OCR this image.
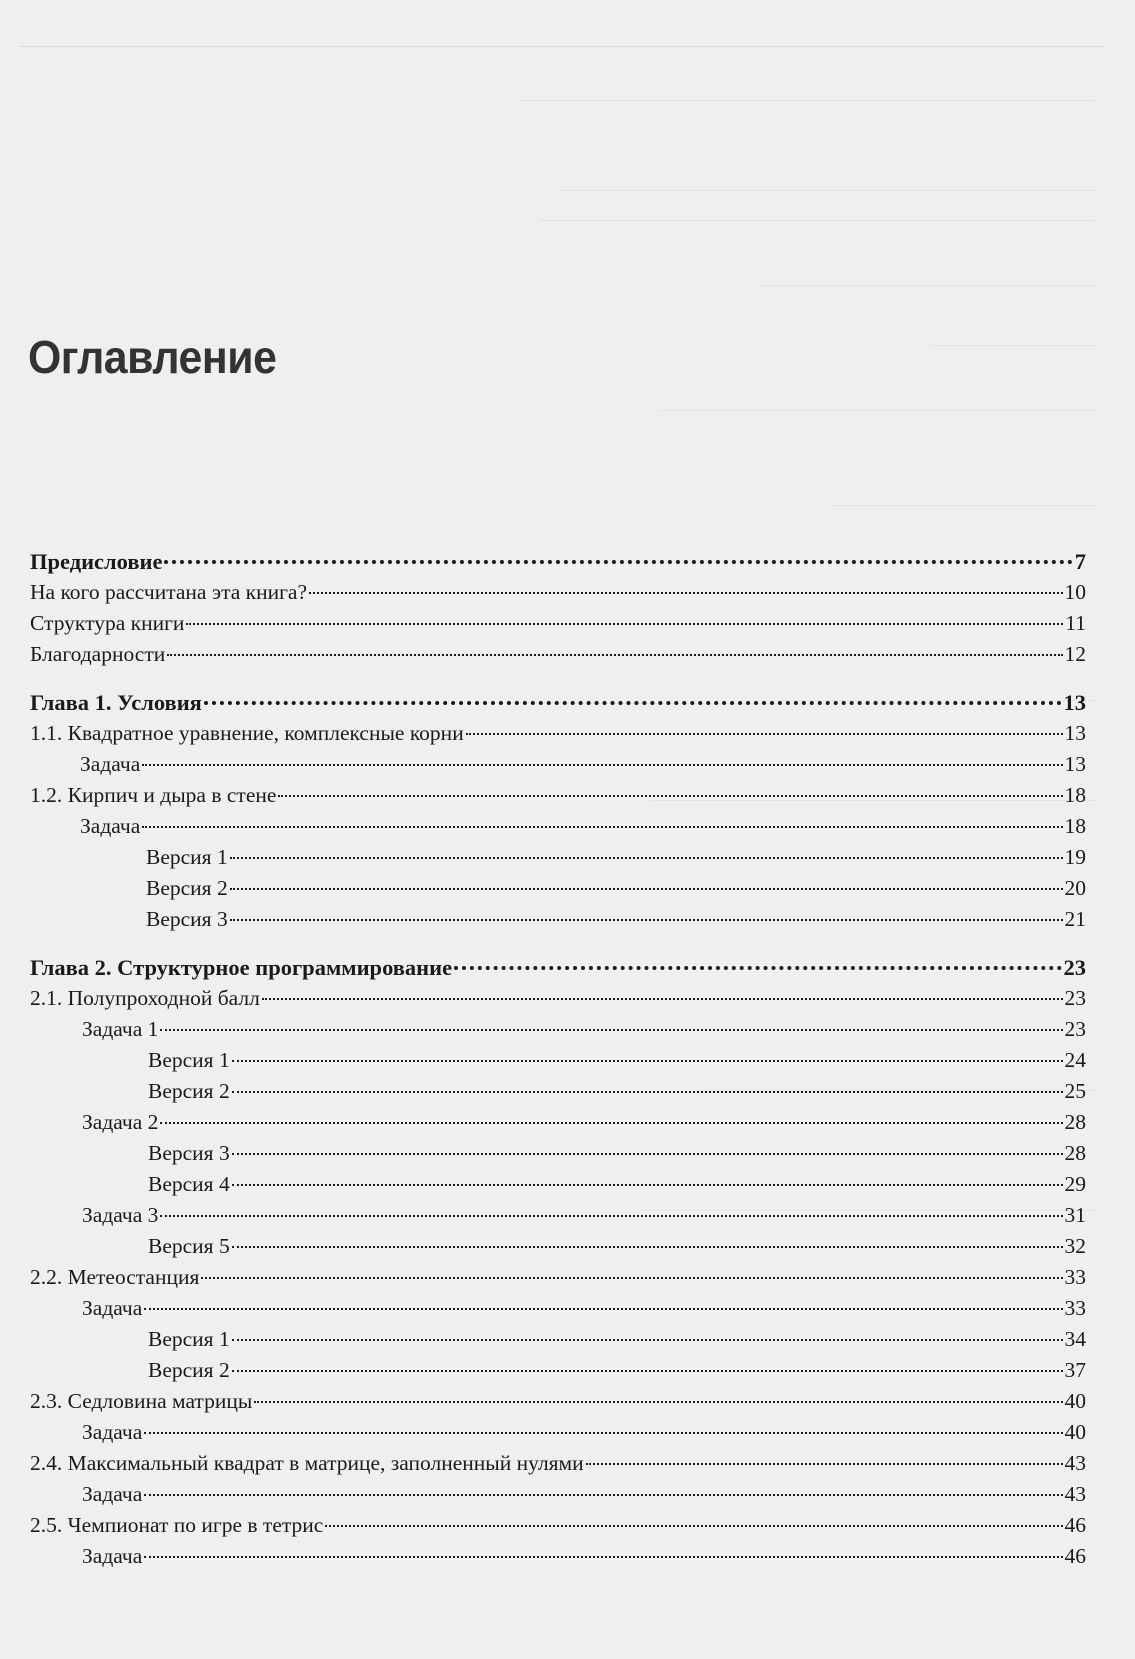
Оглавление
Предисловие	7
На кого рассчитана эта книга?	10
Структура книги	11
Благодарности	12
Глава 1. Условия	13
1.1. Квадратное уравнение, комплексные корни	13
Задача	13
1.2. Кирпич и дыра в стене	18
Задача	18
Версия 1	19
Версия 2	20
Версия 3	21
Глава 2. Структурное программирование	23
2.1. Полупроходной балл	23
Задача 1	23
Версия 1	24
Версия 2	25
Задача 2	28
Версия 3	28
Версия 4	29
Задача 3	31
Версия 5	32
2.2. Метеостанция	33
Задача	33
Версия 1	34
Версия 2	37
2.3. Седловина матрицы	40
Задача	40
2.4. Максимальный квадрат в матрице, заполненный нулями	43
Задача	43
2.5. Чемпионат по игре в тетрис	46
Задача	46
